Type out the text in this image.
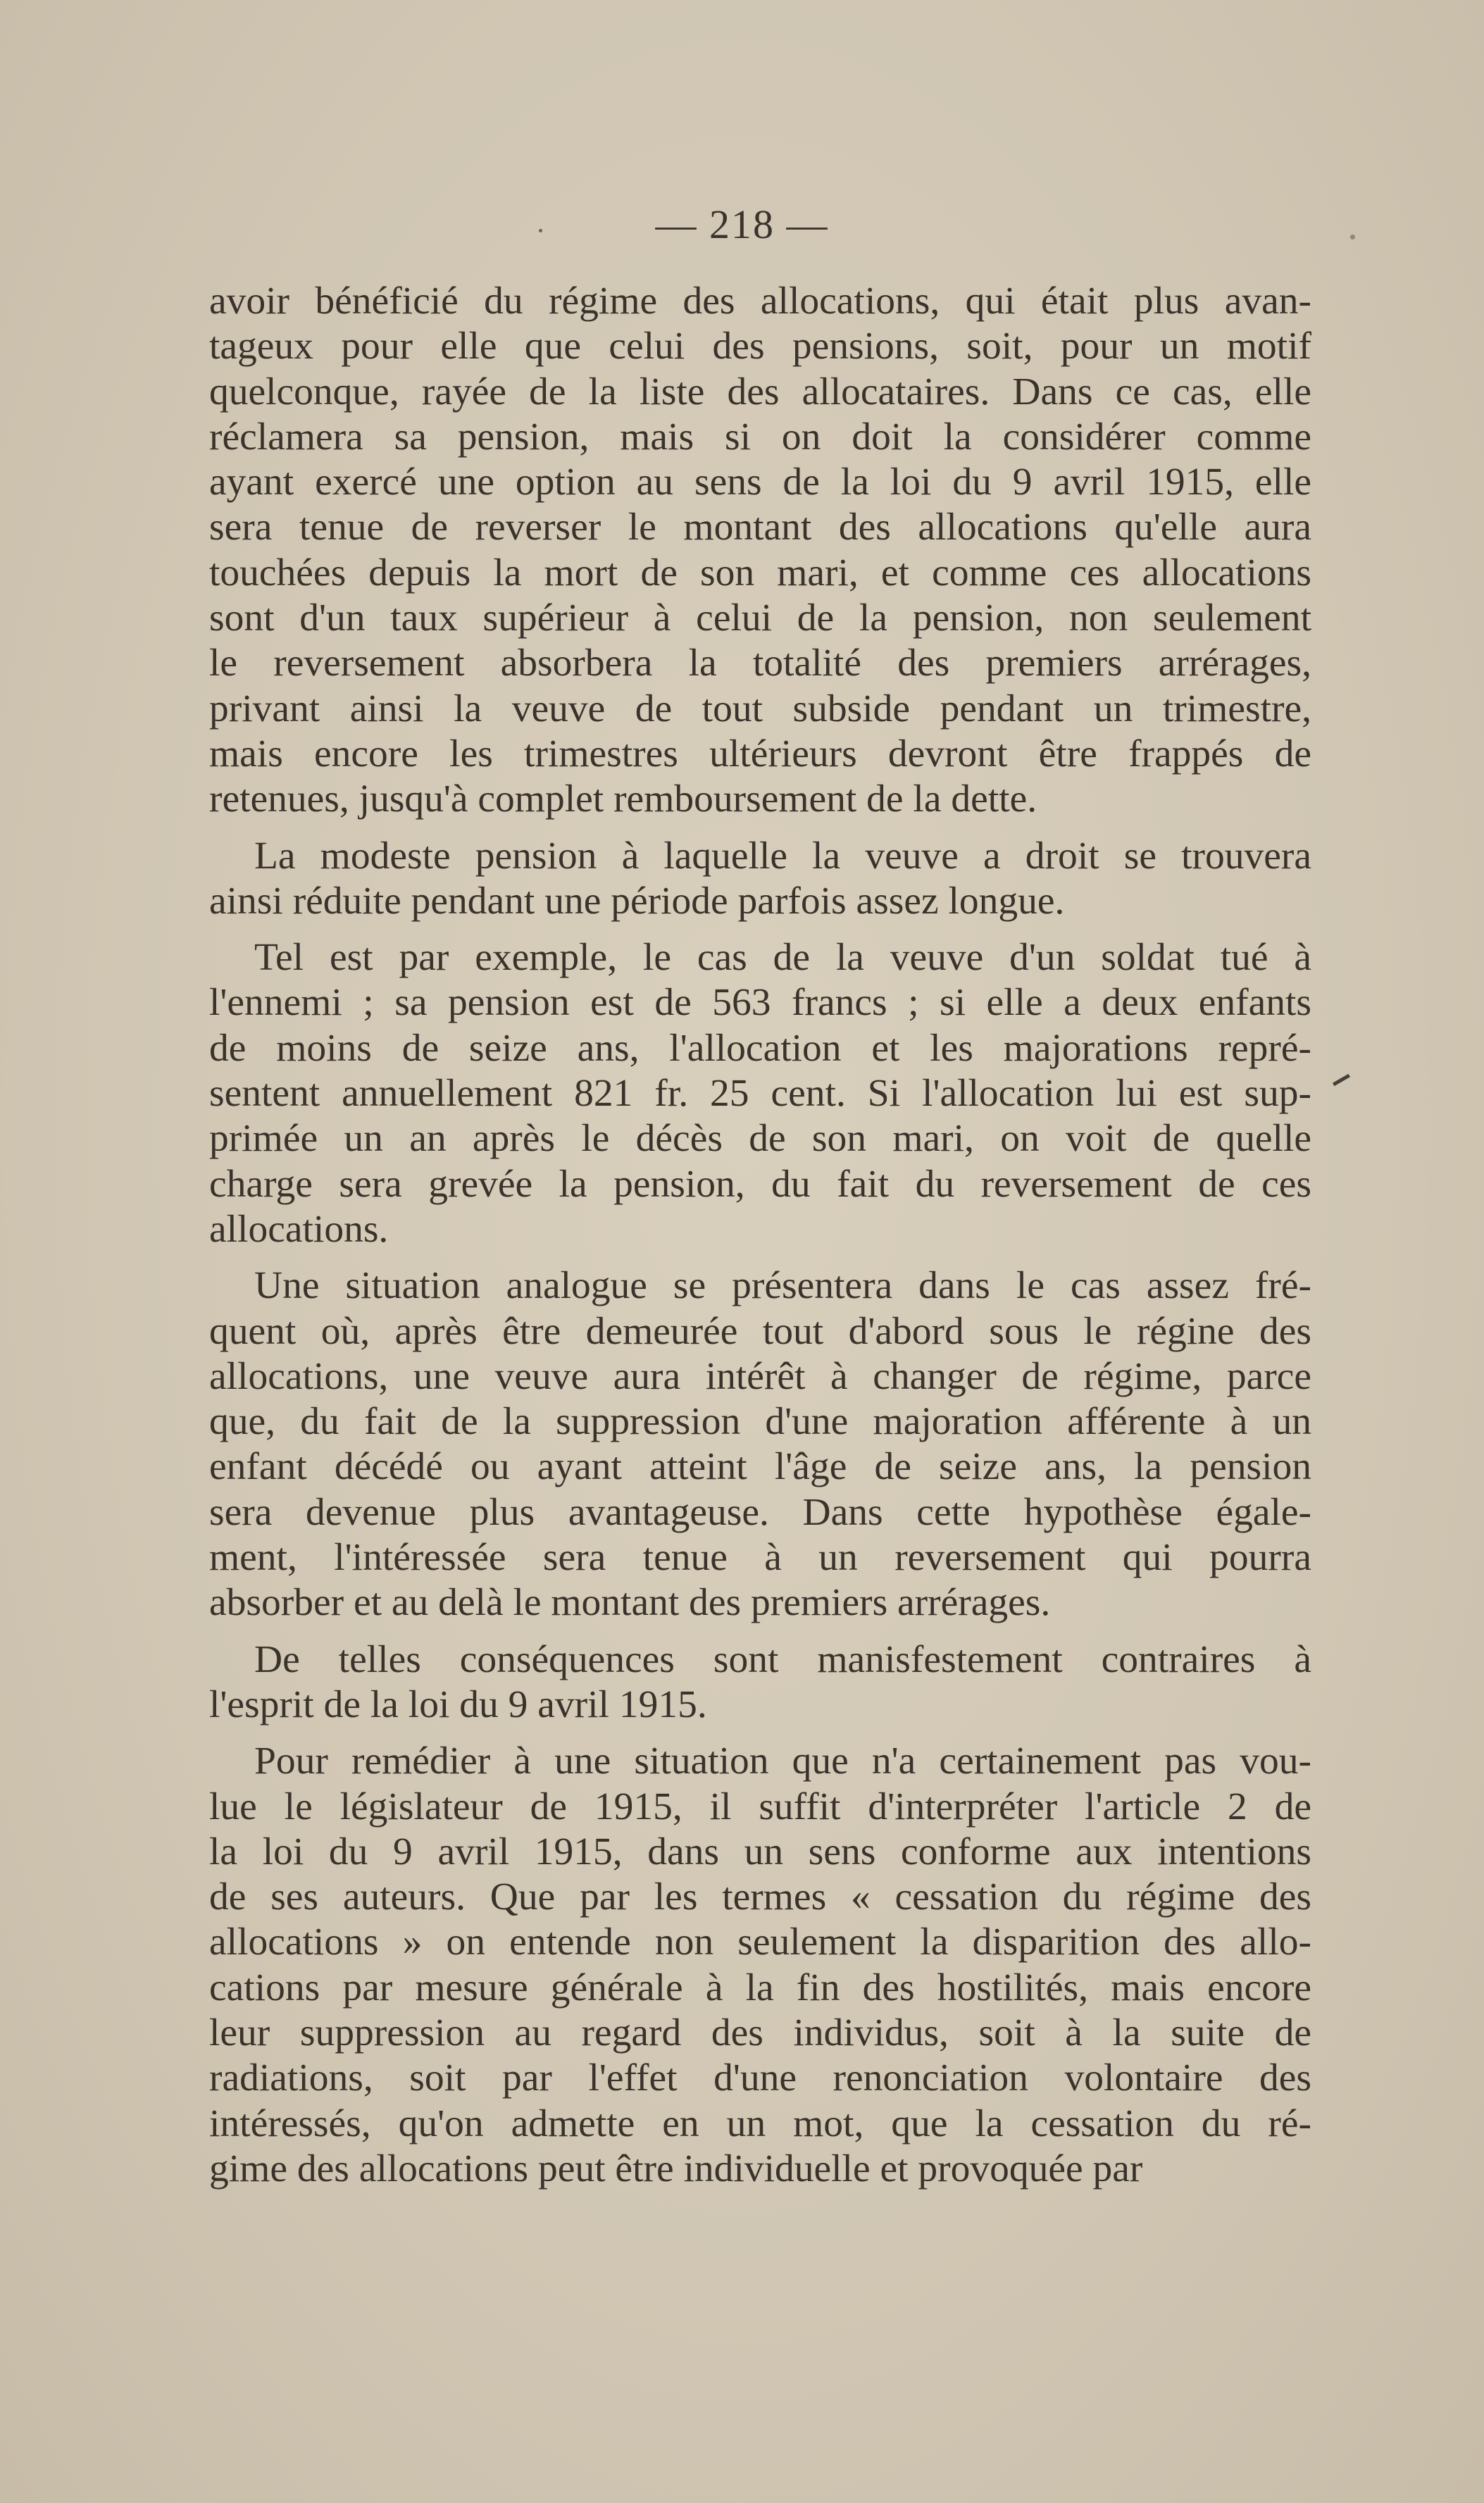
— 218 —
avoir bénéficié du régime des allocations, qui était plus avan-
tageux pour elle que celui des pensions, soit, pour un motif
quelconque, rayée de la liste des allocataires. Dans ce cas, elle
réclamera sa pension, mais si on doit la considérer comme
ayant exercé une option au sens de la loi du 9 avril 1915, elle
sera tenue de reverser le montant des allocations qu'elle aura
touchées depuis la mort de son mari, et comme ces allocations
sont d'un taux supérieur à celui de la pension, non seulement
le reversement absorbera la totalité des premiers arrérages,
privant ainsi la veuve de tout subside pendant un trimestre,
mais encore les trimestres ultérieurs devront être frappés de
retenues, jusqu'à complet remboursement de la dette.
La modeste pension à laquelle la veuve a droit se trouvera
ainsi réduite pendant une période parfois assez longue.
Tel est par exemple, le cas de la veuve d'un soldat tué à
l'ennemi ; sa pension est de 563 francs ; si elle a deux enfants
de moins de seize ans, l'allocation et les majorations repré-
sentent annuellement 821 fr. 25 cent. Si l'allocation lui est sup-
primée un an après le décès de son mari, on voit de quelle
charge sera grevée la pension, du fait du reversement de ces
allocations.
Une situation analogue se présentera dans le cas assez fré-
quent où, après être demeurée tout d'abord sous le régine des
allocations, une veuve aura intérêt à changer de régime, parce
que, du fait de la suppression d'une majoration afférente à un
enfant décédé ou ayant atteint l'âge de seize ans, la pension
sera devenue plus avantageuse. Dans cette hypothèse égale-
ment, l'intéressée sera tenue à un reversement qui pourra
absorber et au delà le montant des premiers arrérages.
De telles conséquences sont manisfestement contraires à
l'esprit de la loi du 9 avril 1915.
Pour remédier à une situation que n'a certainement pas vou-
lue le législateur de 1915, il suffit d'interpréter l'article 2 de
la loi du 9 avril 1915, dans un sens conforme aux intentions
de ses auteurs. Que par les termes « cessation du régime des
allocations » on entende non seulement la disparition des allo-
cations par mesure générale à la fin des hostilités, mais encore
leur suppression au regard des individus, soit à la suite de
radiations, soit par l'effet d'une renonciation volontaire des
intéressés, qu'on admette en un mot, que la cessation du ré-
gime des allocations peut être individuelle et provoquée par
